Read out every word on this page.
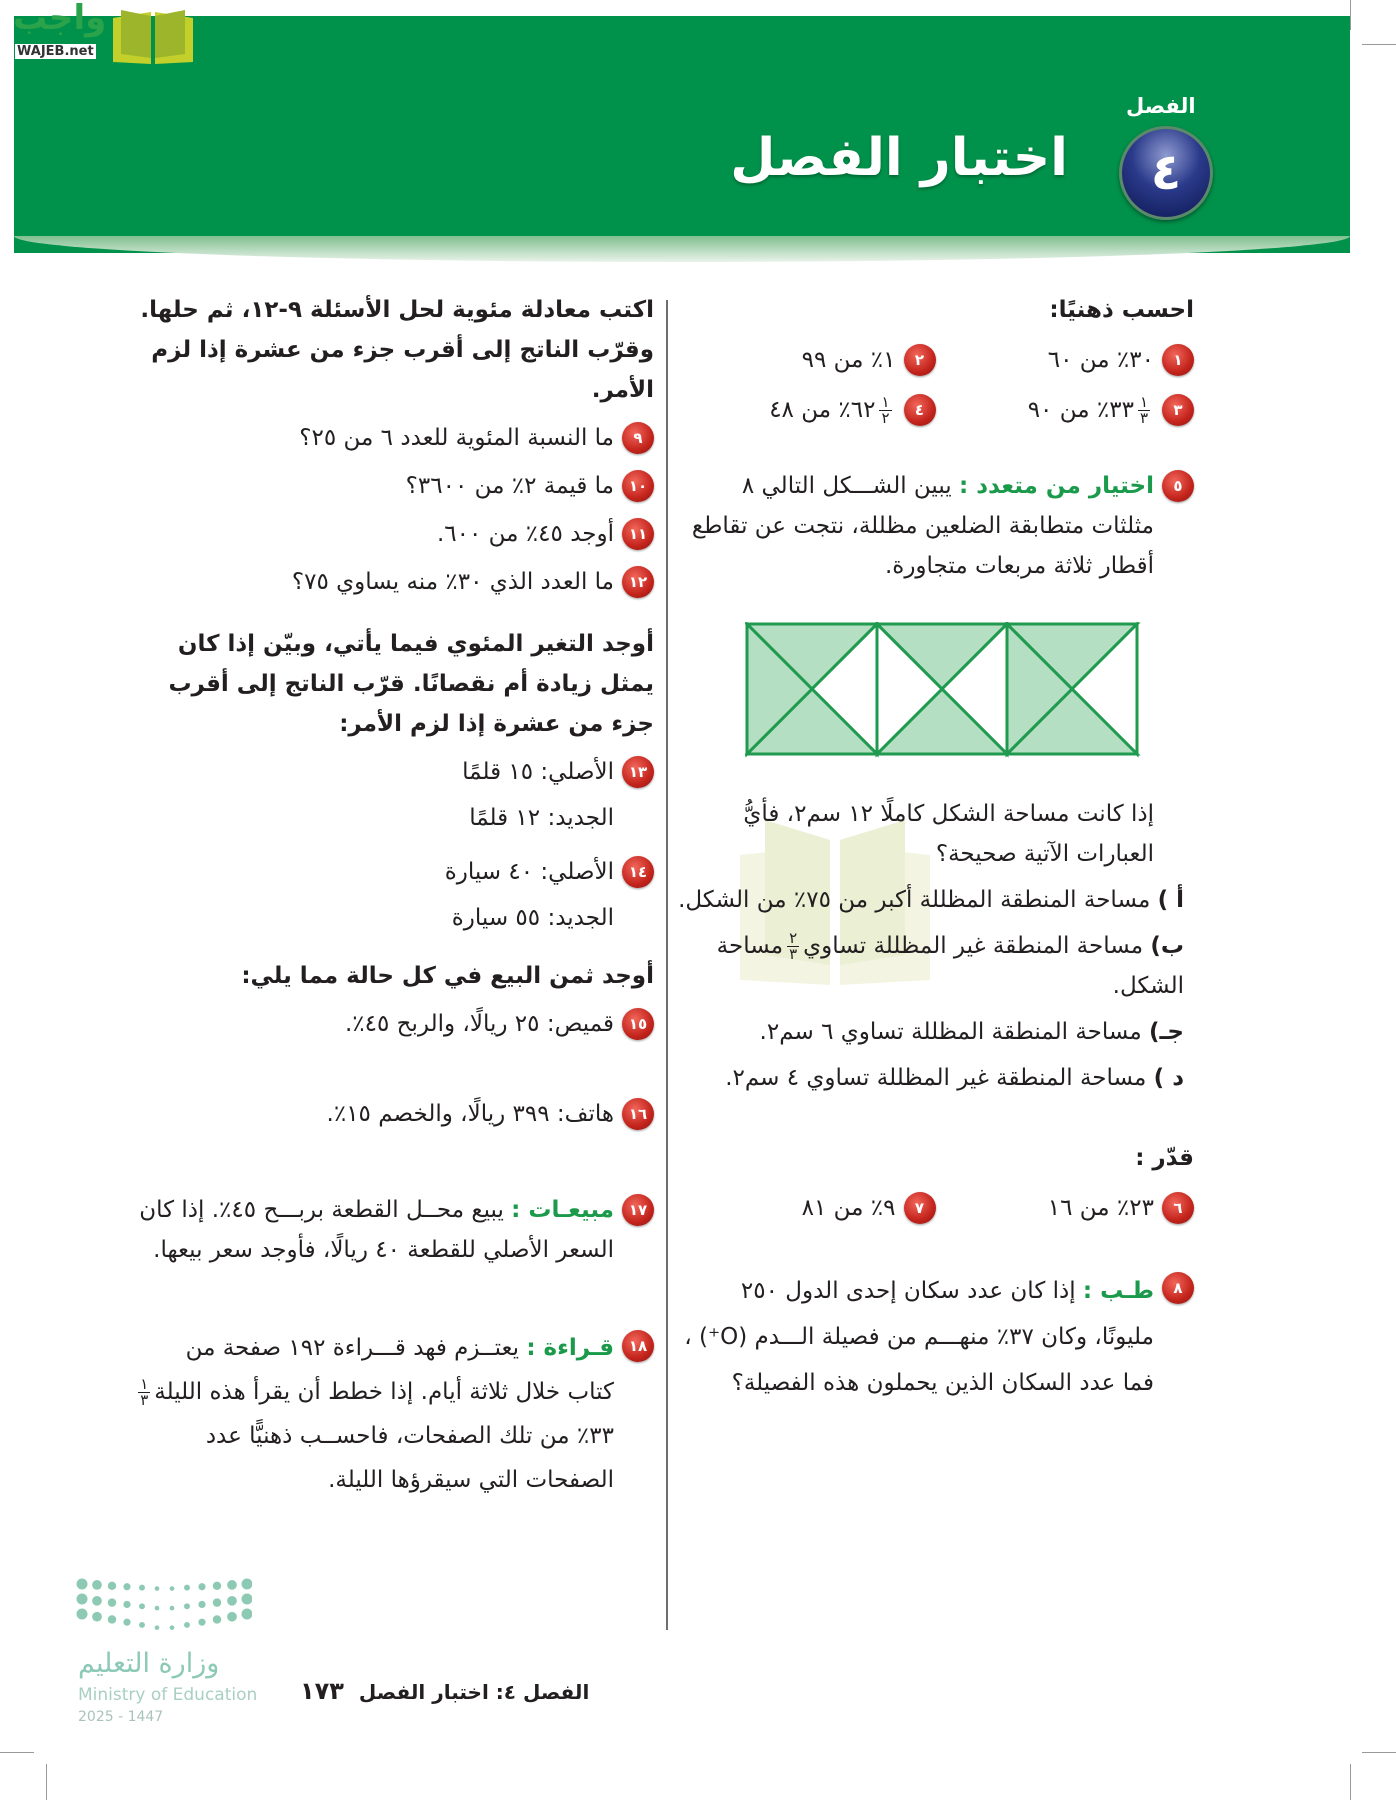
واجب
WAJEB.net
الفصل
٤
اختبار الفصل
احسب ذهنيًا:
١
٣٠٪ من ٦٠
٢
١٪ من ٩٩
٣
$\frac{١}{٣}$
٣٣٪ من ٩٠
٤
$\frac{١}{٢}$
٦٢٪ من ٤٨
٥
اختيار من متعدد : يبين الشـــكل التالي ٨ مثلثات متطابقة الضلعين مظللة، نتجت عن تقاطع أقطار ثلاثة مربعات متجاورة.
إذا كانت مساحة الشكل كاملًا ١٢ سم٢، فأيُّ العبارات الآتية صحيحة؟
أ ) مساحة المنطقة المظللة أكبر من ٧٥٪ من الشكل.
ب) مساحة المنطقة غير المظللة تساوي
$\frac{٢}{٣}$
مساحة الشكل.
جـ) مساحة المنطقة المظللة تساوي ٦ سم٢.
د ) مساحة المنطقة غير المظللة تساوي ٤ سم٢.
قدّر :
٦
٢٣٪ من ١٦
٧
٩٪ من ٨١
٨
طـب : إذا كان عدد سكان إحدى الدول ٢٥٠ مليونًا، وكان ٣٧٪ منهـــم من فصيلة الـــدم (O⁺) ، فما عدد السكان الذين يحملون هذه الفصيلة؟
اكتب معادلة مئوية لحل الأسئلة ٩-١٢، ثم حلها. وقرّب الناتج إلى أقرب جزء من عشرة إذا لزم الأمر.
٩
ما النسبة المئوية للعدد ٦ من ٢٥؟
١٠
ما قيمة ٢٪ من ٣٦٠٠؟
١١
أوجد ٤٥٪ من ٦٠٠.
١٢
ما العدد الذي ٣٠٪ منه يساوي ٧٥؟
أوجد التغير المئوي فيما يأتي، وبيّن إذا كان يمثل زيادة أم نقصانًا. قرّب الناتج إلى أقرب جزء من عشرة إذا لزم الأمر:
١٣
الأصلي: ١٥ قلمًا
الجديد: ١٢ قلمًا
١٤
الأصلي: ٤٠ سيارة
الجديد: ٥٥ سيارة
أوجد ثمن البيع في كل حالة مما يلي:
١٥
قميص: ٢٥ ريالًا، والربح ٤٥٪.
١٦
هاتف: ٣٩٩ ريالًا، والخصم ١٥٪.
١٧
مبيعـات : يبيع محــل القطعة بربـــح ٤٥٪. إذا كان السعر الأصلي للقطعة ٤٠ ريالًا، فأوجد سعر بيعها.
١٨
قـراءة : يعتــزم فهد قـــراءة ١٩٢ صفحة من كتاب خلال ثلاثة أيام. إذا خطط أن يقرأ هذه الليلة
$\frac{١}{٣}$
٣٣٪ من تلك الصفحات، فاحســب ذهنيًّا عدد الصفحات التي سيقرؤها الليلة.
وزارة التعليم
Ministry of Education
2025 - 1447
الفصل ٤: اختبار الفصل ١٧٣
